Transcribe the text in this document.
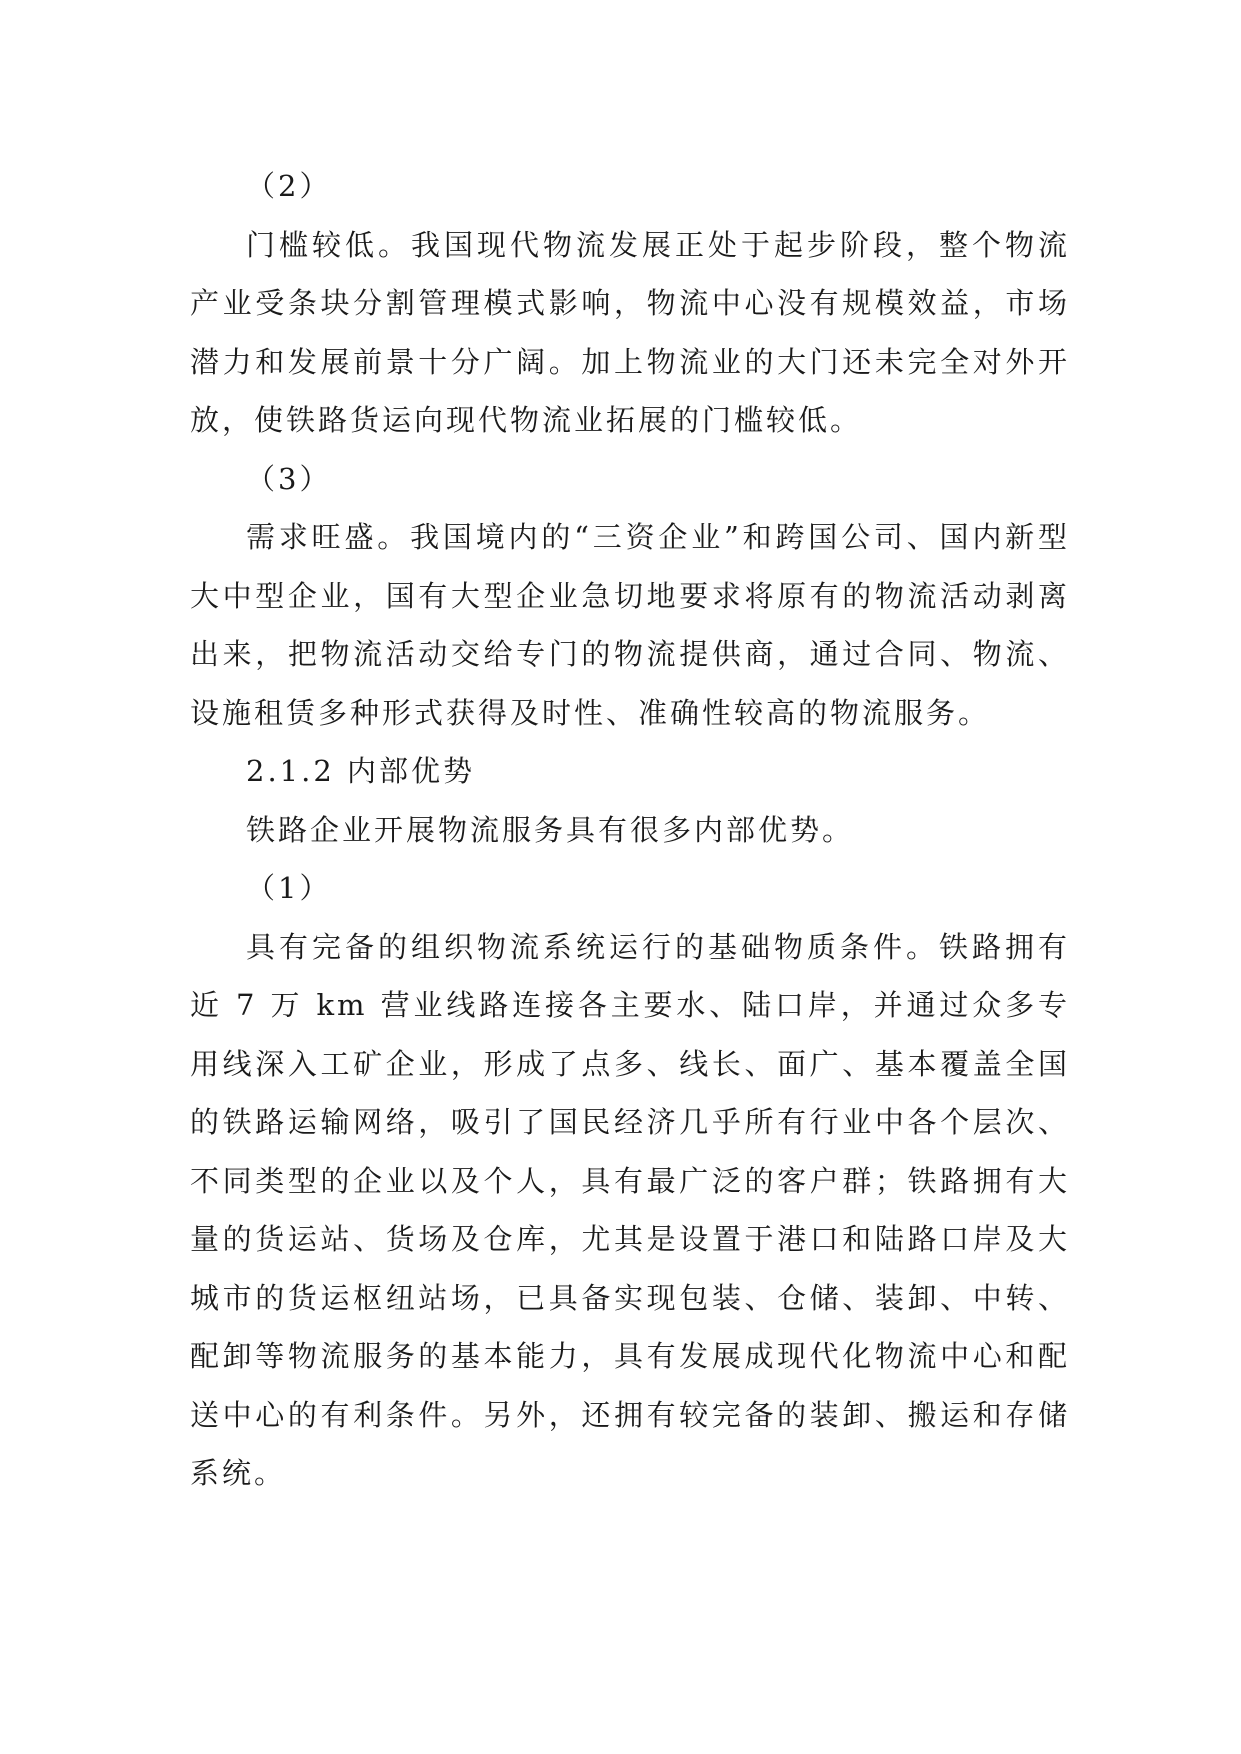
（2）

门槛较低。我国现代物流发展正处于起步阶段，整个物流产业受条块分割管理模式影响，物流中心没有规模效益，市场潜力和发展前景十分广阔。加上物流业的大门还未完全对外开放，使铁路货运向现代物流业拓展的门槛较低。

（3）

需求旺盛。我国境内的“三资企业”和跨国公司、国内新型大中型企业，国有大型企业急切地要求将原有的物流活动剥离出来，把物流活动交给专门的物流提供商，通过合同、物流、设施租赁多种形式获得及时性、准确性较高的物流服务。

2.1.2 内部优势

铁路企业开展物流服务具有很多内部优势。

（1）

具有完备的组织物流系统运行的基础物质条件。铁路拥有近 7 万 km 营业线路连接各主要水、陆口岸，并通过众多专用线深入工矿企业，形成了点多、线长、面广、基本覆盖全国的铁路运输网络，吸引了国民经济几乎所有行业中各个层次、不同类型的企业以及个人，具有最广泛的客户群；铁路拥有大量的货运站、货场及仓库，尤其是设置于港口和陆路口岸及大城市的货运枢纽站场，已具备实现包装、仓储、装卸、中转、配卸等物流服务的基本能力，具有发展成现代化物流中心和配送中心的有利条件。另外，还拥有较完备的装卸、搬运和存储系统。
